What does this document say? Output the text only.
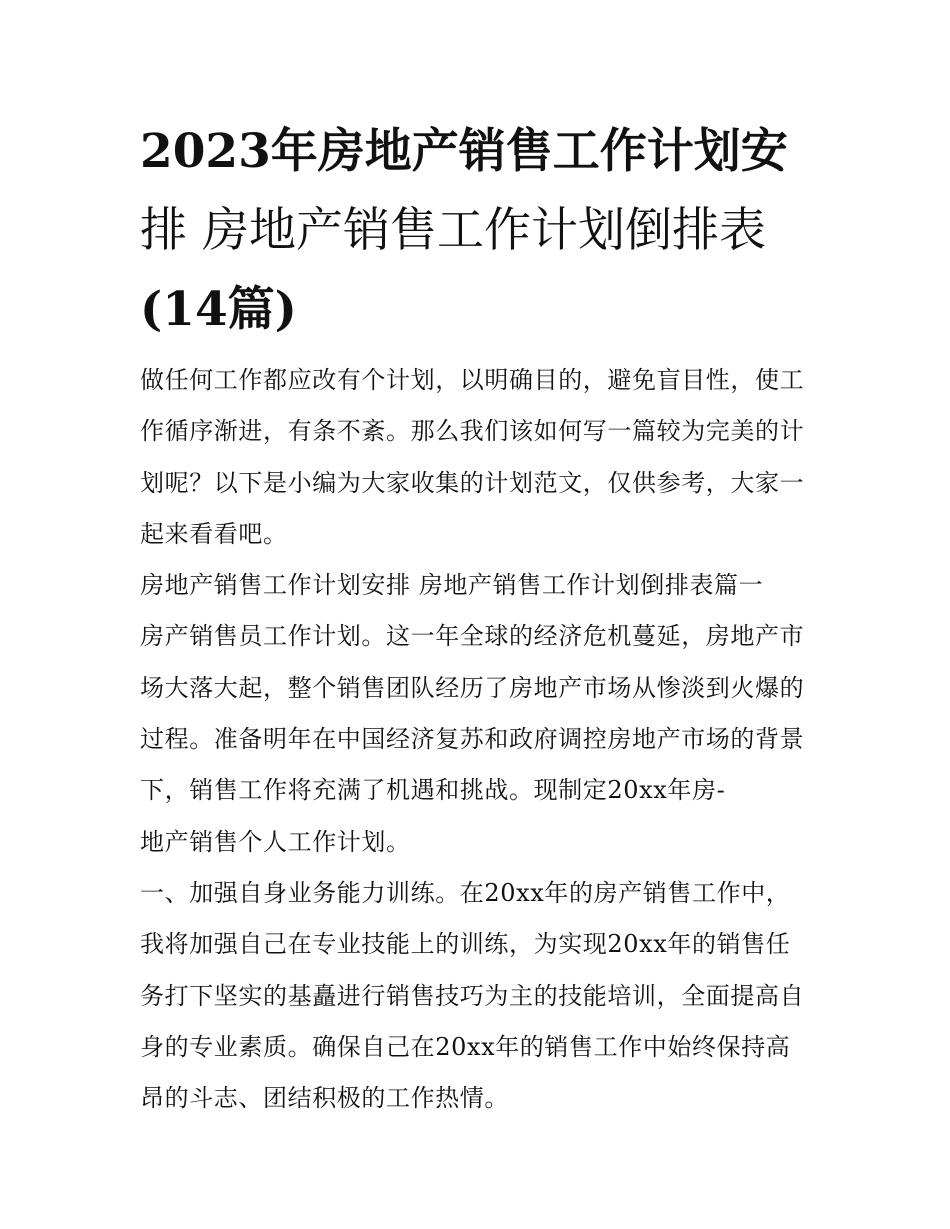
2023年房地产销售工作计划安
排 房地产销售工作计划倒排表
(14篇)
做任何工作都应改有个计划，以明确目的，避免盲目性，使工
作循序渐进，有条不紊。那么我们该如何写一篇较为完美的计
划呢？以下是小编为大家收集的计划范文，仅供参考，大家一
起来看看吧。
房地产销售工作计划安排 房地产销售工作计划倒排表篇一
房产销售员工作计划。这一年全球的经济危机蔓延，房地产市
场大落大起，整个销售团队经历了房地产市场从惨淡到火爆的
过程。准备明年在中国经济复苏和政府调控房地产市场的背景
下，销售工作将充满了机遇和挑战。现制定20xx年房-
地产销售个人工作计划。
一、加强自身业务能力训练。在20xx年的房产销售工作中，
我将加强自己在专业技能上的训练，为实现20xx年的销售任
务打下坚实的基矗进行销售技巧为主的技能培训，全面提高自
身的专业素质。确保自己在20xx年的销售工作中始终保持高
昂的斗志、团结积极的工作热情。
